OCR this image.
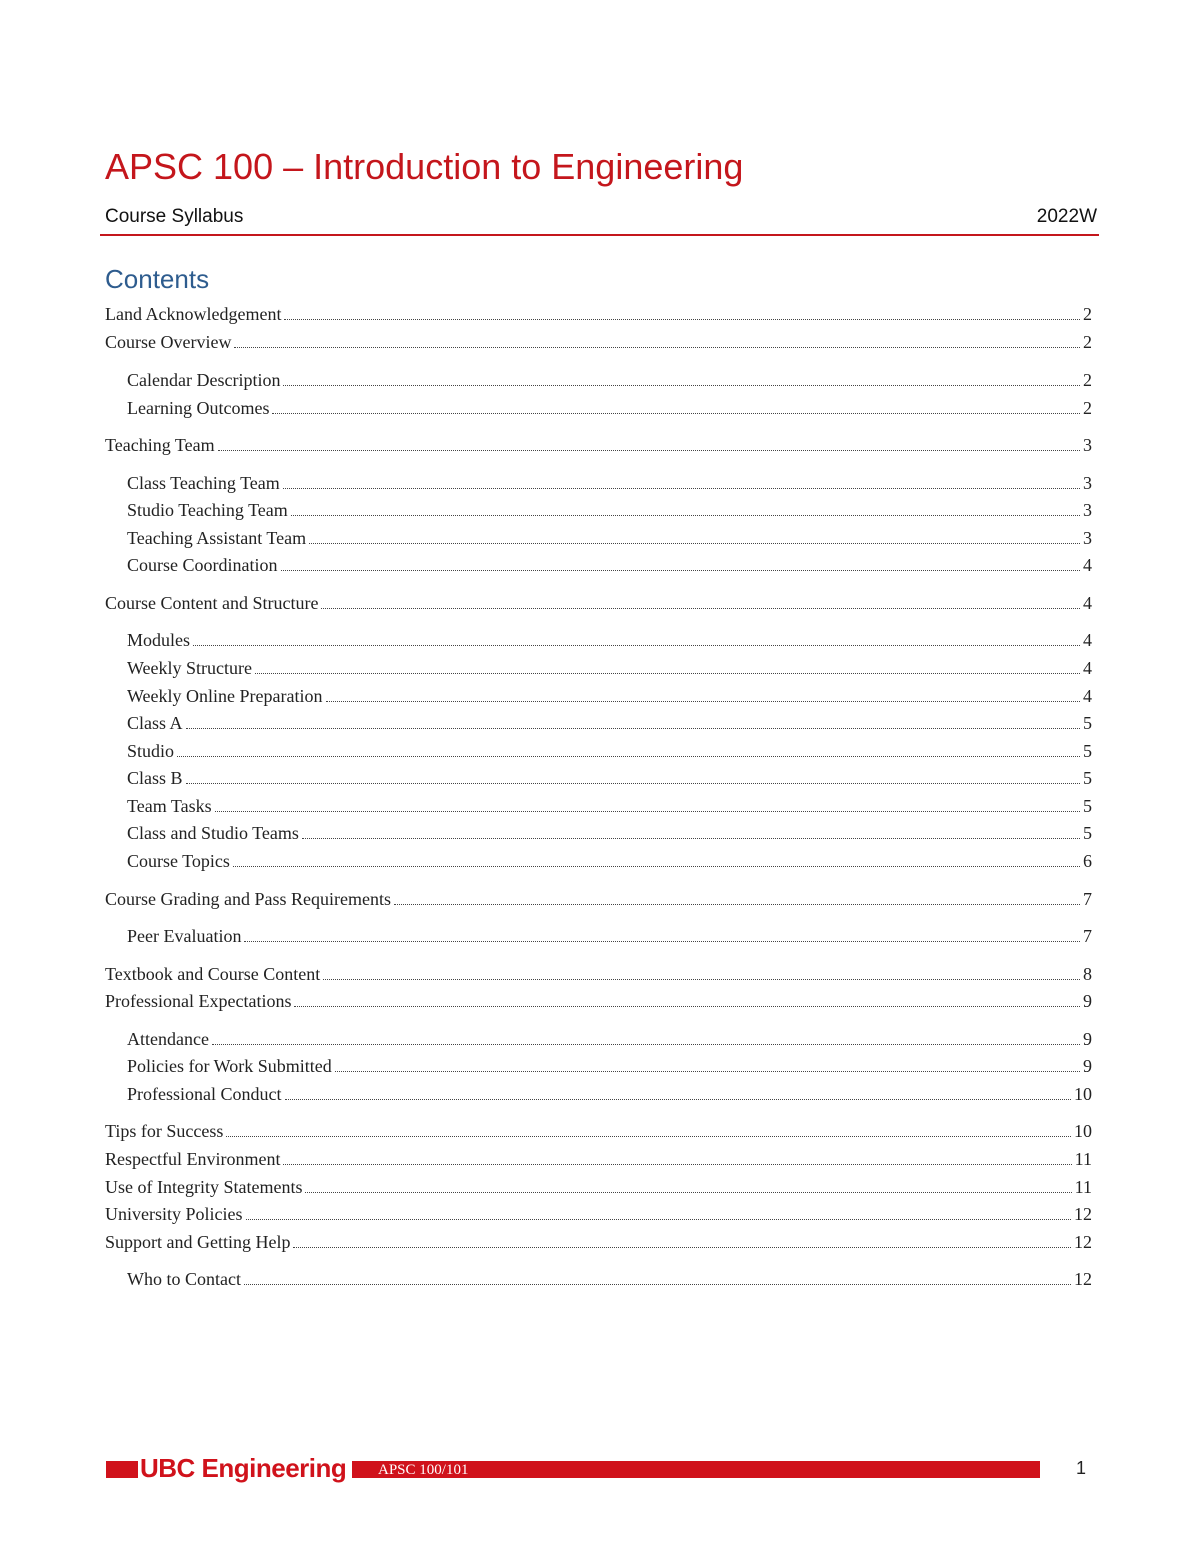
APSC 100 – Introduction to Engineering
Course Syllabus	2022W
Contents
Land Acknowledgement	2
Course Overview	2
Calendar Description	2
Learning Outcomes	2
Teaching Team	3
Class Teaching Team	3
Studio Teaching Team	3
Teaching Assistant Team	3
Course Coordination	4
Course Content and Structure	4
Modules	4
Weekly Structure	4
Weekly Online Preparation	4
Class A	5
Studio	5
Class B	5
Team Tasks	5
Class and Studio Teams	5
Course Topics	6
Course Grading and Pass Requirements	7
Peer Evaluation	7
Textbook and Course Content	8
Professional Expectations	9
Attendance	9
Policies for Work Submitted	9
Professional Conduct	10
Tips for Success	10
Respectful Environment	11
Use of Integrity Statements	11
University Policies	12
Support and Getting Help	12
Who to Contact	12
UBC Engineering	APSC 100/101	1
